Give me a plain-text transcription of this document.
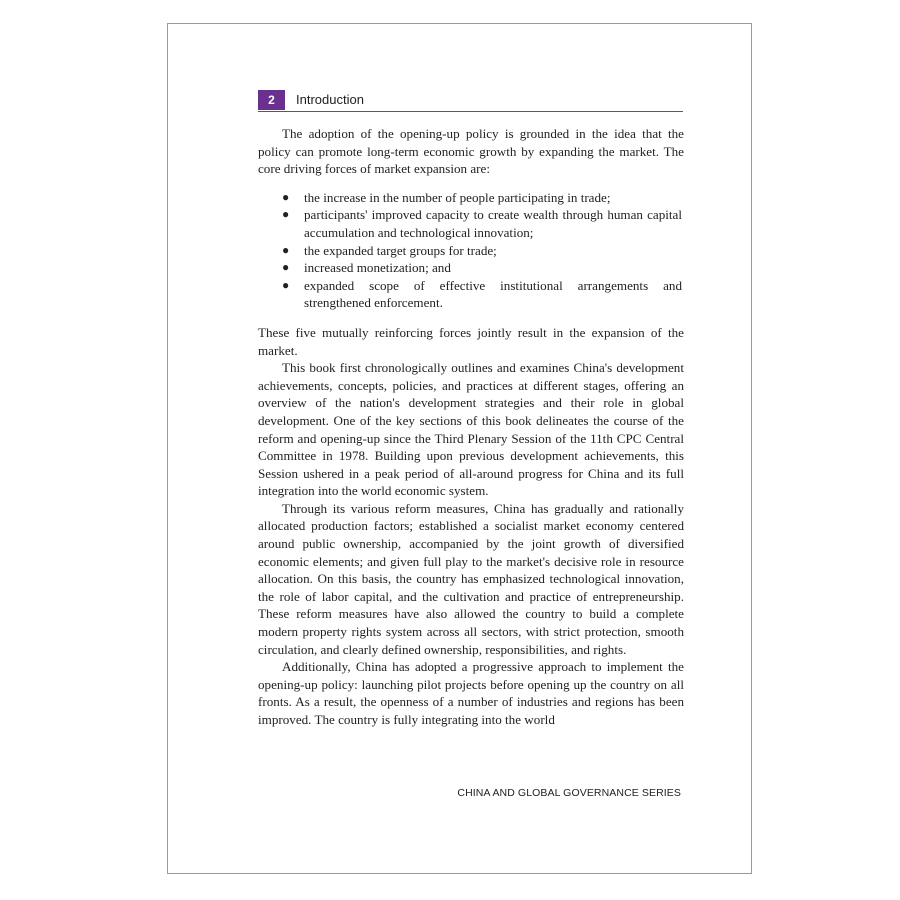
2	Introduction

The adoption of the opening-up policy is grounded in the idea that the policy can promote long-term economic growth by expanding the market. The core driving forces of market expansion are:

● the increase in the number of people participating in trade;
● participants' improved capacity to create wealth through human capital accumulation and technological innovation;
● the expanded target groups for trade;
● increased monetization; and
● expanded scope of effective institutional arrangements and strengthened enforcement.

These five mutually reinforcing forces jointly result in the expansion of the market.

This book first chronologically outlines and examines China's development achievements, concepts, policies, and practices at different stages, offering an overview of the nation's development strategies and their role in global development. One of the key sections of this book delineates the course of the reform and opening-up since the Third Plenary Session of the 11th CPC Central Committee in 1978. Building upon previous development achievements, this Session ushered in a peak period of all-around progress for China and its full integration into the world economic system.

Through its various reform measures, China has gradually and rationally allocated production factors; established a socialist market economy centered around public ownership, accompanied by the joint growth of diversified economic elements; and given full play to the market's decisive role in resource allocation. On this basis, the country has emphasized technological innovation, the role of labor capital, and the cultivation and practice of entrepreneurship. These reform measures have also allowed the country to build a complete modern property rights system across all sectors, with strict protection, smooth circulation, and clearly defined ownership, responsibilities, and rights.

Additionally, China has adopted a progressive approach to implement the opening-up policy: launching pilot projects before opening up the country on all fronts. As a result, the openness of a number of industries and regions has been improved. The country is fully integrating into the world

CHINA AND GLOBAL GOVERNANCE SERIES
